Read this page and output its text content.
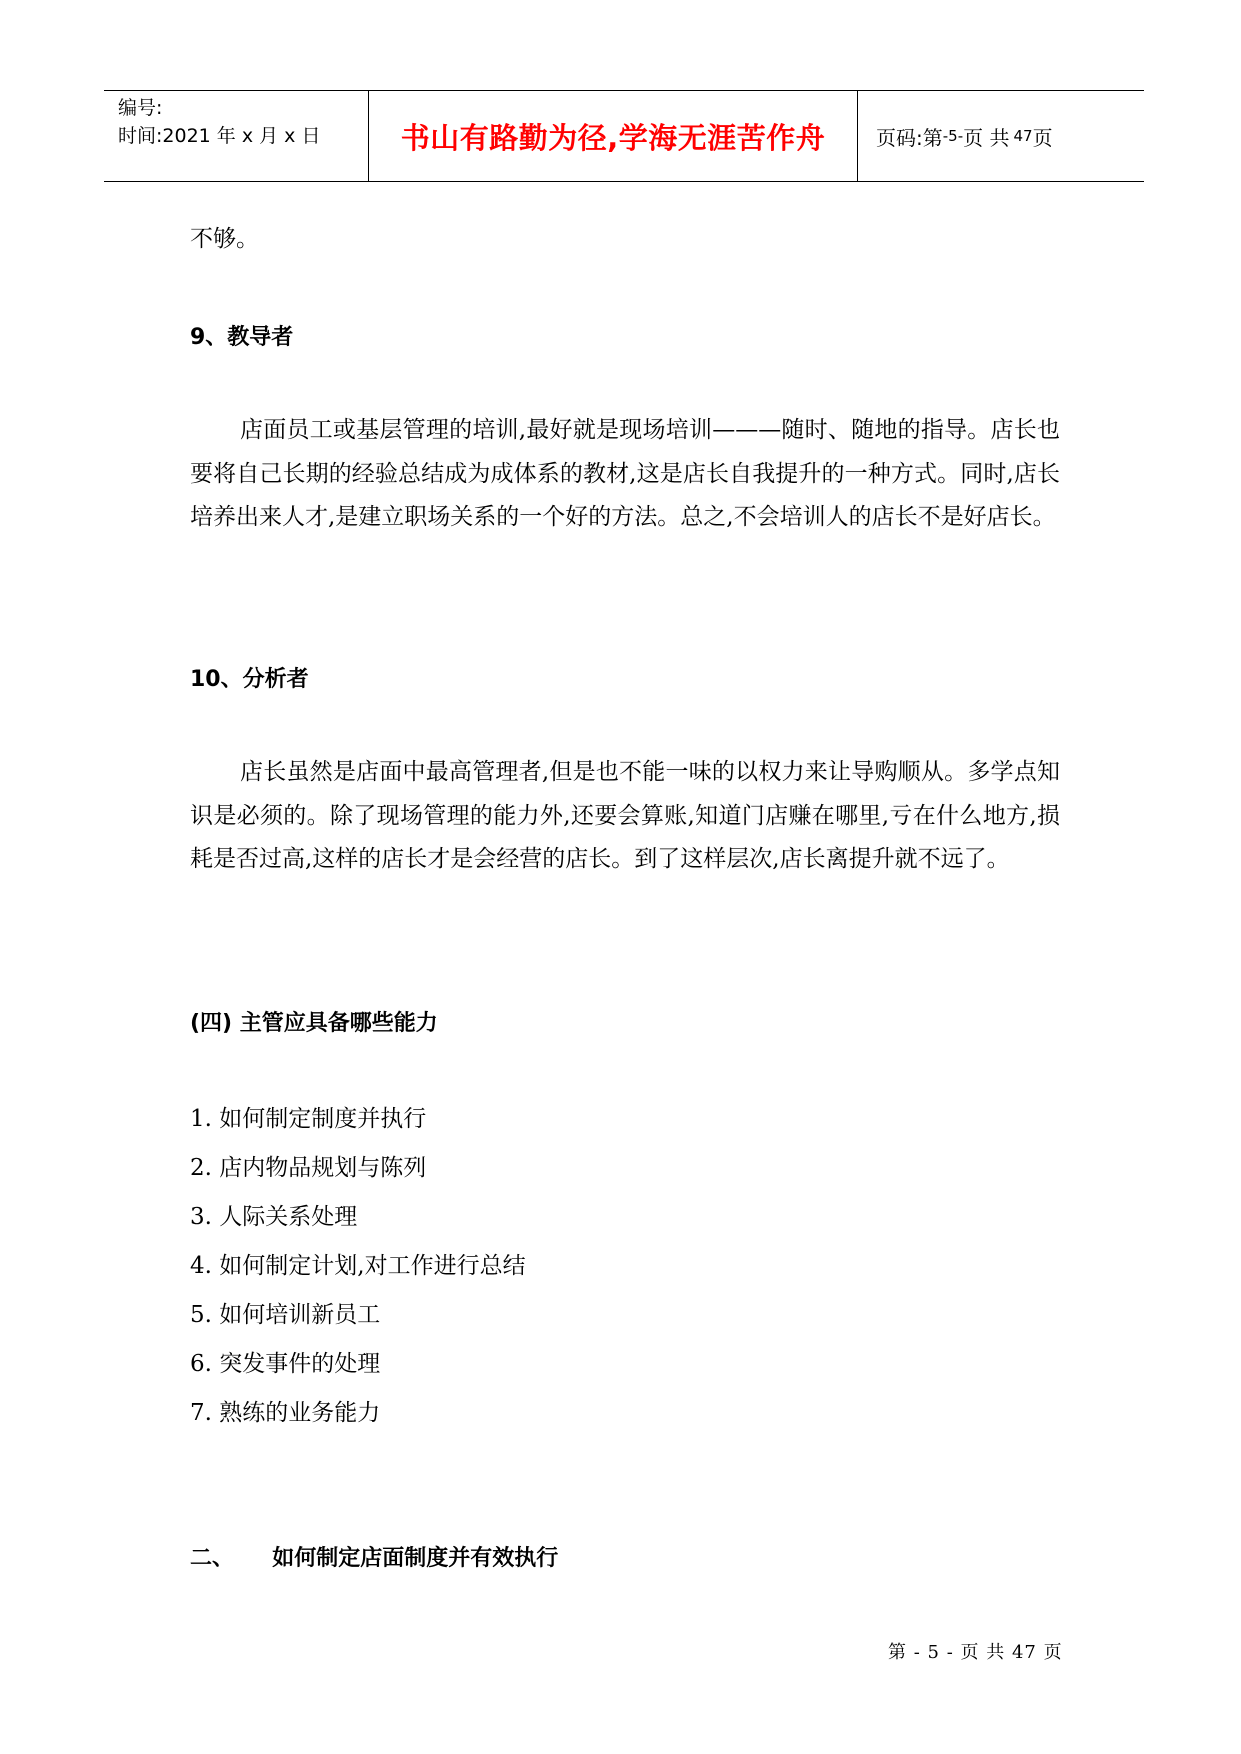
编号:
时间:2021 年 x 月 x 日	书山有路勤为径,学海无涯苦作舟	页码:第 -5- 页 共 47 页
不够。
9、教导者
店面员工或基层管理的培训,最好就是现场培训———随时、随地的指导。店长也要将自己长期的经验总结成为成体系的教材,这是店长自我提升的一种方式。同时,店长培养出来人才,是建立职场关系的一个好的方法。总之,不会培训人的店长不是好店长。
10、分析者
店长虽然是店面中最高管理者,但是也不能一味的以权力来让导购顺从。多学点知识是必须的。除了现场管理的能力外,还要会算账,知道门店赚在哪里,亏在什么地方,损耗是否过高,这样的店长才是会经营的店长。到了这样层次,店长离提升就不远了。
(四) 主管应具备哪些能力
1. 如何制定制度并执行
2. 店内物品规划与陈列
3. 人际关系处理
4. 如何制定计划,对工作进行总结
5. 如何培训新员工
6. 突发事件的处理
7. 熟练的业务能力
二、     如何制定店面制度并有效执行
第 - 5 - 页 共 47 页
